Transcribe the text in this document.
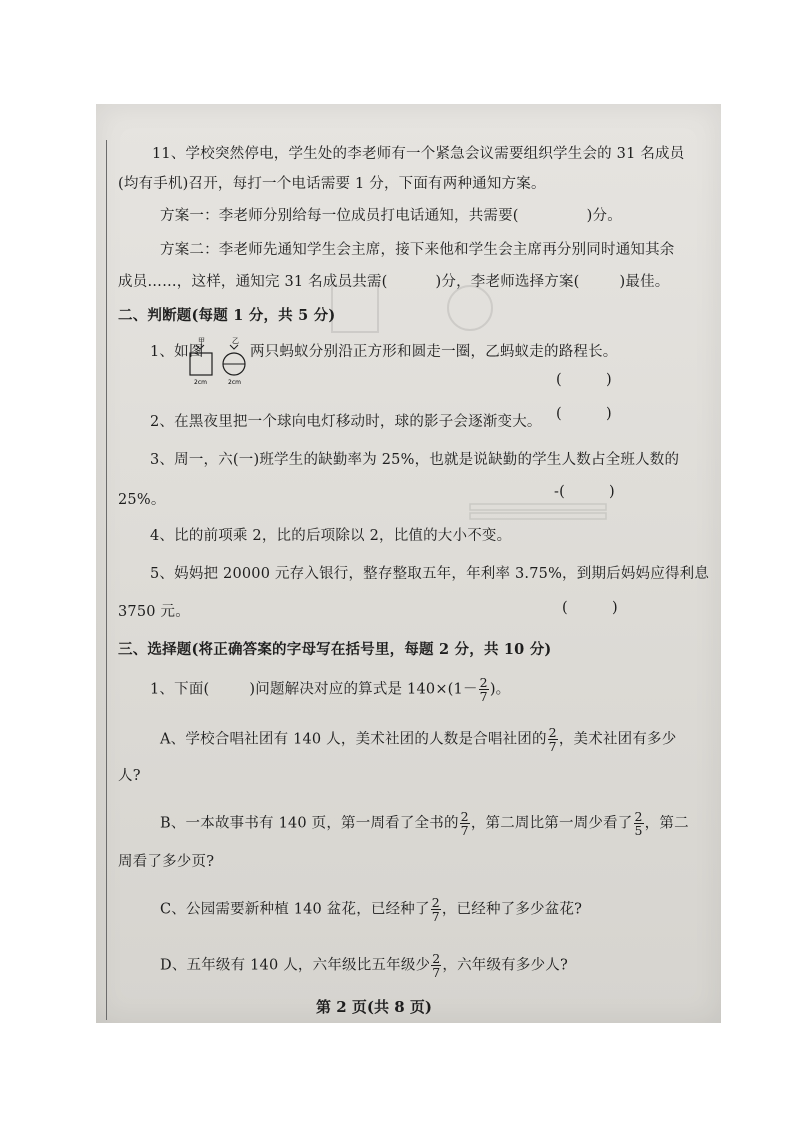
11、学校突然停电，学生处的李老师有一个紧急会议需要组织学生会的 31 名成员
(均有手机)召开，每打一个电话需要 1 分，下面有两种通知方案。
方案一：李老师分别给每一位成员打电话通知，共需要(	)分。
方案二：李老师先通知学生会主席，接下来他和学生会主席再分别同时通知其余
成员……，这样，通知完 31 名成员共需(	)分，李老师选择方案(	)最佳。
二、判断题(每题 1 分，共 5 分)
1、如图
甲	乙
2cm	2cm
两只蚂蚁分别沿正方形和圆走一圈，乙蚂蚁走的路程长。
(　　　)
2、在黑夜里把一个球向电灯移动时，球的影子会逐渐变大。 (　　　)
3、周一，六(一)班学生的缺勤率为 25%，也就是说缺勤的学生人数占全班人数的
25%。	-(　　　)
4、比的前项乘 2，比的后项除以 2，比值的大小不变。
5、妈妈把 20000 元存入银行，整存整取五年，年利率 3.75%，到期后妈妈应得利息
3750 元。	(　　　)
三、选择题(将正确答案的字母写在括号里，每题 2 分，共 10 分)
1、下面(	)问题解决对应的算式是 $140\times(1- \frac{2}{7}$ )。
A、学校合唱社团有 140 人，美术社团的人数是合唱社团的 $\frac{2}{7}$ ，美术社团有多少
人?
B、一本故事书有 140 页，第一周看了全书的 $\frac{2}{7}$ ，第二周比第一周少看了 $\frac{2}{5}$ ，第二
周看了多少页?
C、公园需要新种植 140 盆花，已经种了 $\frac{2}{7}$ ，已经种了多少盆花?
D、五年级有 140 人，六年级比五年级少 $\frac{2}{7}$ ，六年级有多少人?
第 2 页(共 8 页)
